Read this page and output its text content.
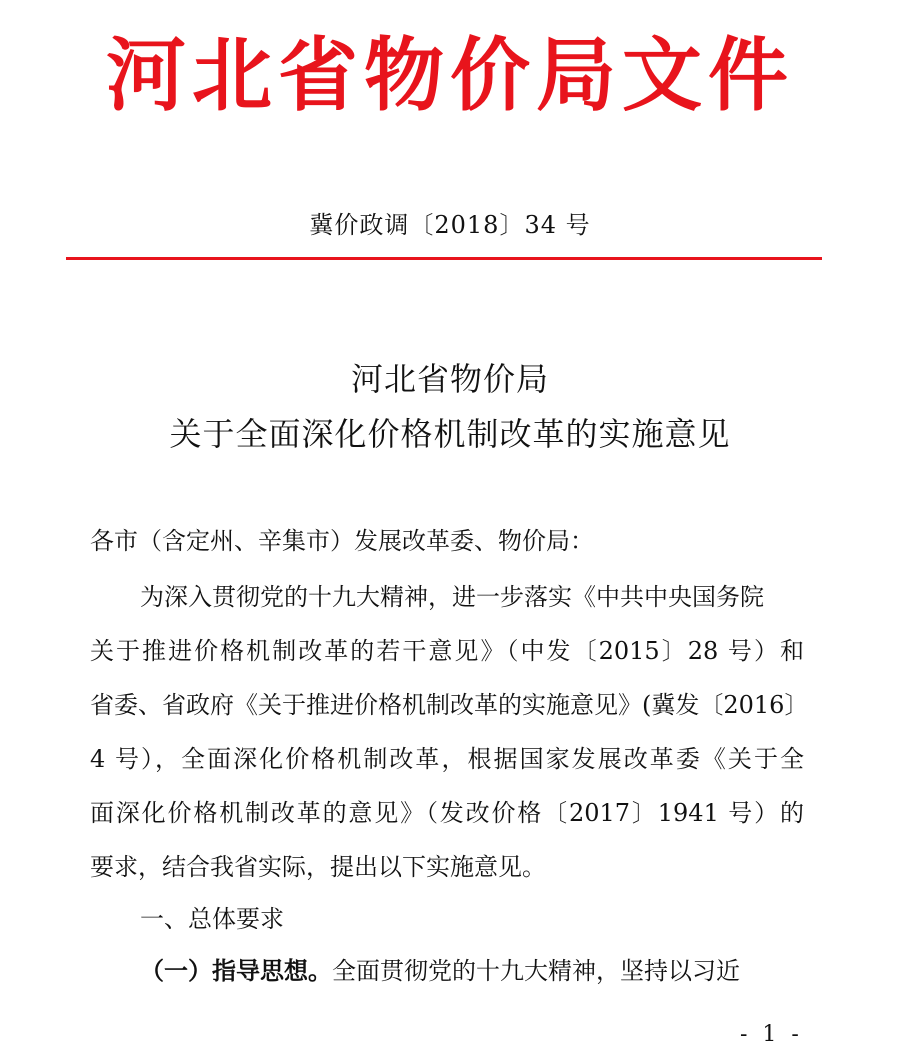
河北省物价局文件
冀价政调〔2018〕34 号
河北省物价局
关于全面深化价格机制改革的实施意见
各市（含定州、辛集市）发展改革委、物价局：
为深入贯彻党的十九大精神，进一步落实《中共中央国务院
关于推进价格机制改革的若干意见》（中发〔2015〕28 号）和
省委、省政府《关于推进价格机制改革的实施意见》(冀发〔2016〕
4 号），全面深化价格机制改革，根据国家发展改革委《关于全
面深化价格机制改革的意见》（发改价格〔2017〕1941 号）的
要求，结合我省实际，提出以下实施意见。
一、总体要求
（一）指导思想。全面贯彻党的十九大精神，坚持以习近
- 1 -
